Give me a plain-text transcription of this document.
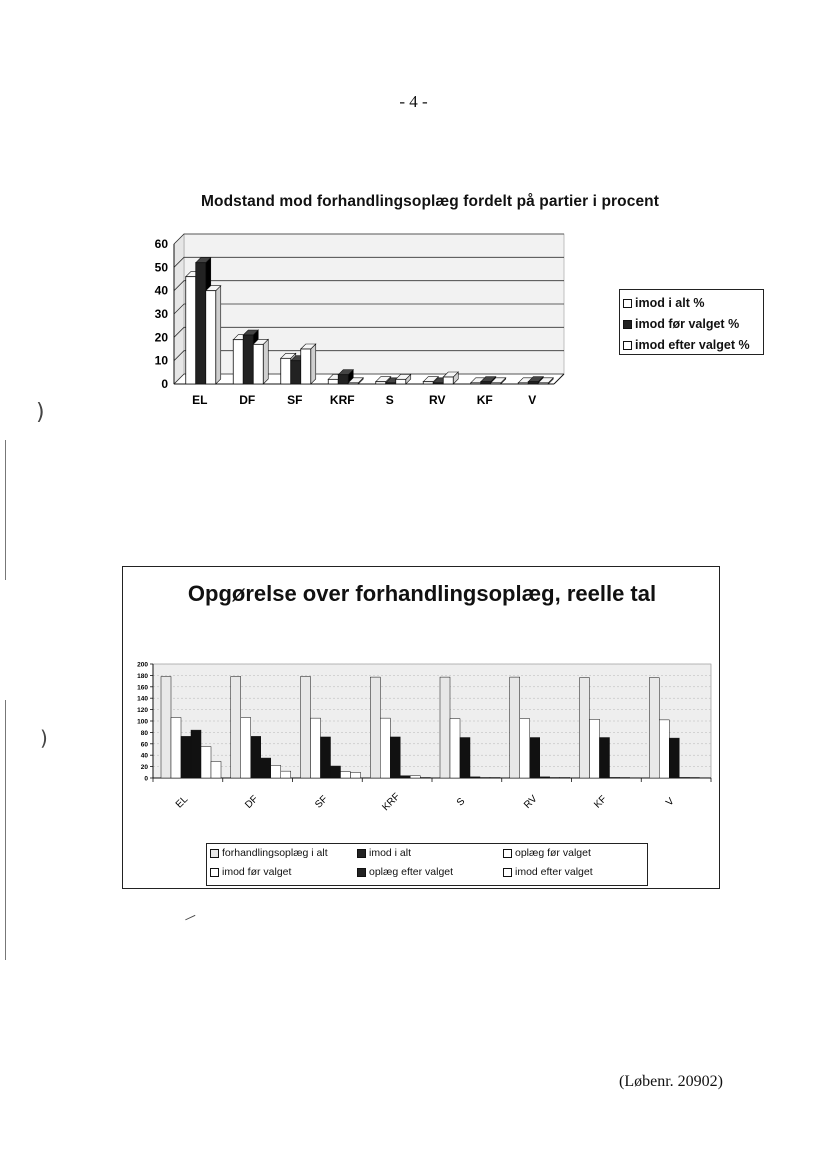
)
)
—
- 4 -
Modstand mod forhandlingsoplæg fordelt på partier i procent
0
10
20
30
40
50
60
EL	DF	SF KRF	S	RV	KF	V
imod i alt %
imod før valget %
imod efter valget %
Opgørelse over forhandlingsoplæg, reelle tal
0
20
40
60
80
100
120
140
160
180
200
EL	DF	SF	KRF	S	RV	KF	V
forhandlingsoplæg i alt	imod i alt	oplæg før valget
imod før valget	oplæg efter valget	imod efter valget
(Løbenr. 20902)
